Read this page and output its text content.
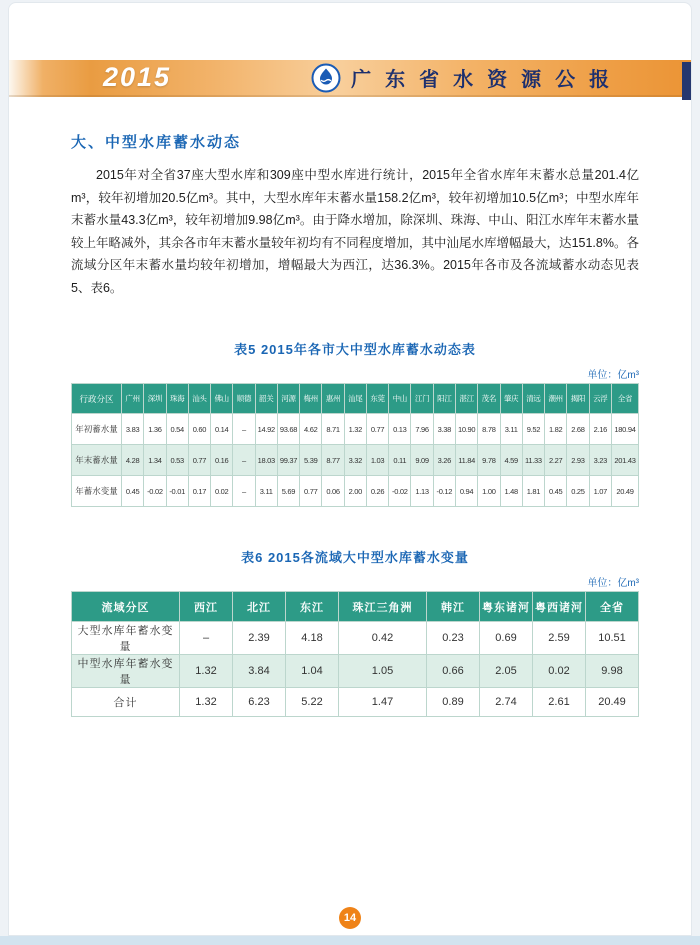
2015	广东省水资源公报
大、中型水库蓄水动态

2015年对全省37座大型水库和309座中型水库进行统计，2015年全省水库年末蓄水总量201.4亿m³，较年初增加20.5亿m³。其中，大型水库年末蓄水量158.2亿m³，较年初增加10.5亿m³；中型水库年末蓄水量43.3亿m³，较年初增加9.98亿m³。由于降水增加，除深圳、珠海、中山、阳江水库年末蓄水量较上年略减外，其余各市年末蓄水量较年初均有不同程度增加，其中汕尾水库增幅最大，达151.8%。各流域分区年末蓄水量均较年初增加，增幅最大为西江，达36.3%。2015年各市及各流域蓄水动态见表5、表6。

表5 2015年各市大中型水库蓄水动态表
单位：亿m³
行政分区	广州	深圳	珠海	汕头	佛山	顺德	韶关	河源	梅州	惠州	汕尾	东莞	中山	江门	阳江	湛江	茂名	肇庆	清远	潮州	揭阳	云浮	全省
年初蓄水量	3.83	1.36	0.54	0.60	0.14	–	14.92	93.68	4.62	8.71	1.32	0.77	0.13	7.96	3.38	10.90	8.78	3.11	9.52	1.82	2.68	2.16	180.94
年末蓄水量	4.28	1.34	0.53	0.77	0.16	–	18.03	99.37	5.39	8.77	3.32	1.03	0.11	9.09	3.26	11.84	9.78	4.59	11.33	2.27	2.93	3.23	201.43
年蓄水变量	0.45	-0.02	-0.01	0.17	0.02	–	3.11	5.69	0.77	0.06	2.00	0.26	-0.02	1.13	-0.12	0.94	1.00	1.48	1.81	0.45	0.25	1.07	20.49
表6 2015各流域大中型水库蓄水变量
单位：亿m³
流域分区	西江	北江	东江	珠江三角洲	韩江	粤东诸河	粤西诸河	全省
大型水库年蓄水变量	–	2.39	4.18	0.42	0.23	0.69	2.59	10.51
中型水库年蓄水变量	1.32	3.84	1.04	1.05	0.66	2.05	0.02	9.98
合计	1.32	6.23	5.22	1.47	0.89	2.74	2.61	20.49
14
